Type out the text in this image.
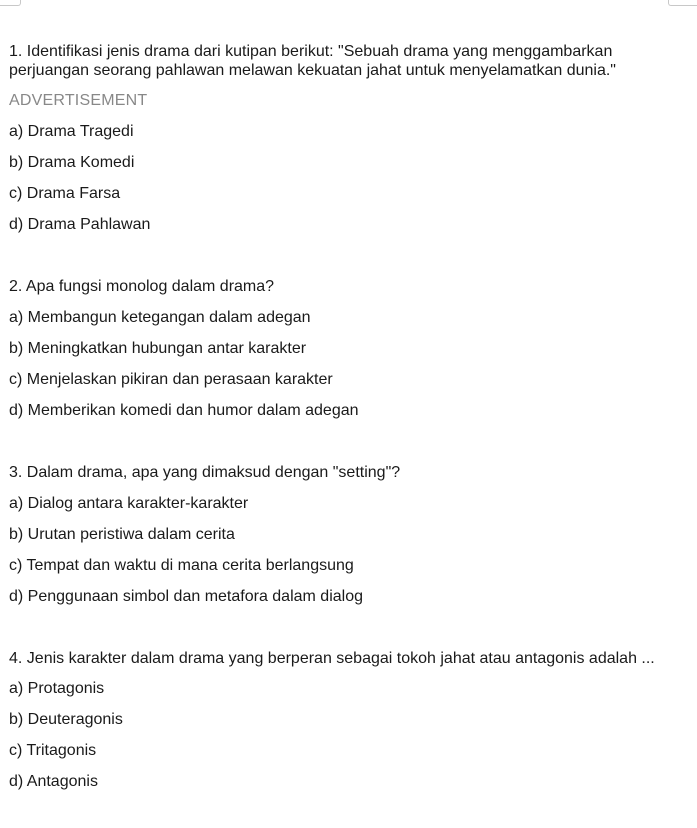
1. Identifikasi jenis drama dari kutipan berikut: "Sebuah drama yang menggambarkan perjuangan seorang pahlawan melawan kekuatan jahat untuk menyelamatkan dunia."

ADVERTISEMENT
a) Drama Tragedi
b) Drama Komedi
c) Drama Farsa
d) Drama Pahlawan

2. Apa fungsi monolog dalam drama?

a) Membangun ketegangan dalam adegan
b) Meningkatkan hubungan antar karakter
c) Menjelaskan pikiran dan perasaan karakter
d) Memberikan komedi dan humor dalam adegan

3. Dalam drama, apa yang dimaksud dengan "setting"?

a) Dialog antara karakter-karakter
b) Urutan peristiwa dalam cerita
c) Tempat dan waktu di mana cerita berlangsung
d) Penggunaan simbol dan metafora dalam dialog

4. Jenis karakter dalam drama yang berperan sebagai tokoh jahat atau antagonis adalah ...

a) Protagonis
b) Deuteragonis
c) Tritagonis
d) Antagonis
